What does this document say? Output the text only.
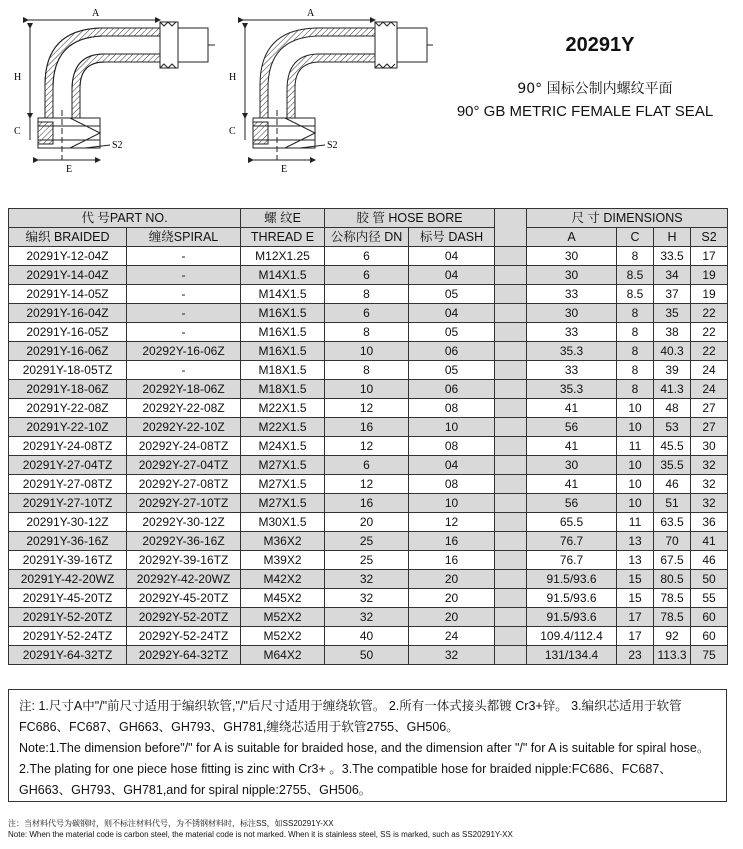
A
H
C
E
S2
A
H
C
E
S2
20291Y
90° 国标公制内螺纹平面
90° GB METRIC FEMALE FLAT SEAL
代 号PART NO.		螺 纹E	胶 管 HOSE BORE			尺 寸 DIMENSIONS			
编织 BRAIDED	缠绕SPIRAL	THREAD E	公称内径 DN	标号 DASH		A	C	H	S2
20291Y-12-04Z	-	M12X1.25	6	04		30	8	33.5	17
20291Y-14-04Z	-	M14X1.5	6	04		30	8.5	34	19
20291Y-14-05Z	-	M14X1.5	8	05		33	8.5	37	19
20291Y-16-04Z	-	M16X1.5	6	04		30	8	35	22
20291Y-16-05Z	-	M16X1.5	8	05		33	8	38	22
20291Y-16-06Z	20292Y-16-06Z	M16X1.5	10	06		35.3	8	40.3	22
20291Y-18-05TZ	-	M18X1.5	8	05		33	8	39	24
20291Y-18-06Z	20292Y-18-06Z	M18X1.5	10	06		35.3	8	41.3	24
20291Y-22-08Z	20292Y-22-08Z	M22X1.5	12	08		41	10	48	27
20291Y-22-10Z	20292Y-22-10Z	M22X1.5	16	10		56	10	53	27
20291Y-24-08TZ	20292Y-24-08TZ	M24X1.5	12	08		41	11	45.5	30
20291Y-27-04TZ	20292Y-27-04TZ	M27X1.5	6	04		30	10	35.5	32
20291Y-27-08TZ	20292Y-27-08TZ	M27X1.5	12	08		41	10	46	32
20291Y-27-10TZ	20292Y-27-10TZ	M27X1.5	16	10		56	10	51	32
20291Y-30-12Z	20292Y-30-12Z	M30X1.5	20	12		65.5	11	63.5	36
20291Y-36-16Z	20292Y-36-16Z	M36X2	25	16		76.7	13	70	41
20291Y-39-16TZ	20292Y-39-16TZ	M39X2	25	16		76.7	13	67.5	46
20291Y-42-20WZ	20292Y-42-20WZ	M42X2	32	20		91.5/93.6	15	80.5	50
20291Y-45-20TZ	20292Y-45-20TZ	M45X2	32	20		91.5/93.6	15	78.5	55
20291Y-52-20TZ	20292Y-52-20TZ	M52X2	32	20		91.5/93.6	17	78.5	60
20291Y-52-24TZ	20292Y-52-24TZ	M52X2	40	24		109.4/112.4	17	92	60
20291Y-64-32TZ	20292Y-64-32TZ	M64X2	50	32		131/134.4	23	113.3	75
注: 1.尺寸A中"/"前尺寸适用于编织软管,"/"后尺寸适用于缠绕软管。 2.所有一体式接头都镀 Cr3+锌。 3.编织芯适用于软管FC686、FC687、GH663、GH793、GH781,缠绕芯适用于软管2755、GH506。
Note:1.The dimension before"/" for A is suitable for braided hose, and the dimension after "/" for A is suitable for spiral hose。2.The plating for one piece hose fitting is zinc with Cr3+ 。3.The compatible hose for braided nipple:FC686、FC687、GH663、GH793、GH781,and for spiral nipple:2755、GH506。
注：当材料代号为碳钢时，则不标注材料代号，为不锈钢材料时，标注SS，如SS20291Y-XX
Note: When the material code is carbon steel, the material code is not marked. When it is stainless steel, SS is marked, such as SS20291Y-XX
